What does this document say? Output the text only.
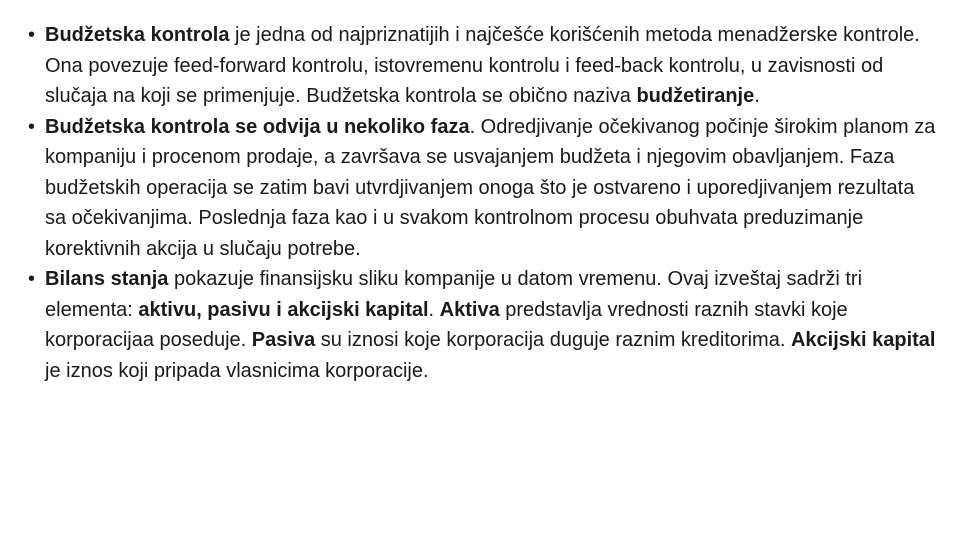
• Budžetska kontrola je jedna od najpriznatijih i najčešće korišćenih metoda menadžerske kontrole. Ona povezuje feed-forward kontrolu, istovremenu kontrolu i feed-back kontrolu, u zavisnosti od slučaja na koji se primenjuje. Budžetska kontrola se obično naziva budžetiranje.
• Budžetska kontrola se odvija u nekoliko faza. Odredjivanje očekivanog počinje širokim planom za kompaniju i procenom prodaje, a završava se usvajanjem budžeta i njegovim obavljanjem. Faza budžetskih operacija se zatim bavi utvrdjivanjem onoga što je ostvareno i uporedjivanjem rezultata sa očekivanjima. Poslednja faza kao i u svakom kontrolnom procesu obuhvata preduzimanje korektivnih akcija u slučaju potrebe.
• Bilans stanja pokazuje finansijsku sliku kompanije u datom vremenu. Ovaj izveštaj sadrži tri elementa: aktivu, pasivu i akcijski kapital. Aktiva predstavlja vrednosti raznih stavki koje korporacijaa poseduje. Pasiva su iznosi koje korporacija duguje raznim kreditorima. Akcijski kapital je iznos koji pripada vlasnicima korporacije.
